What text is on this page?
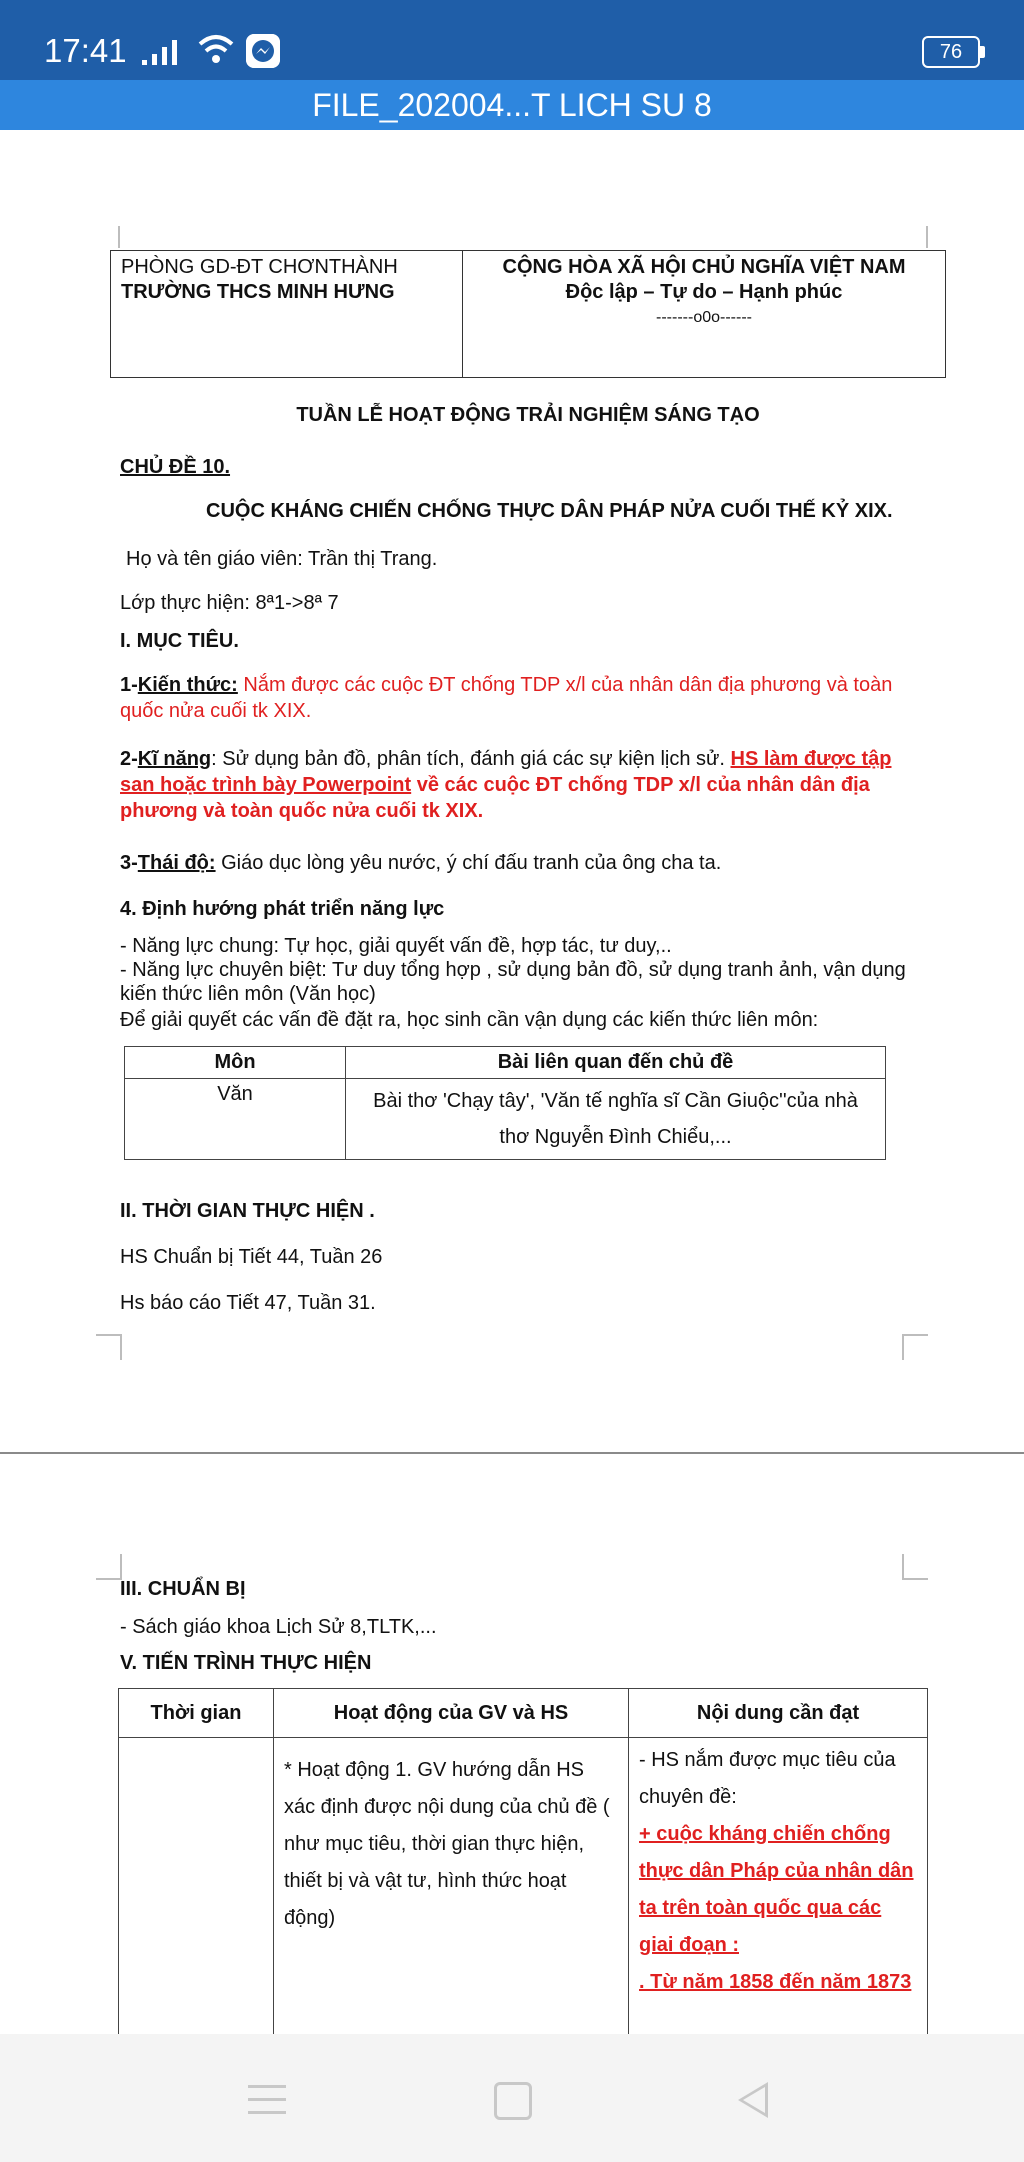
17:41	76
FILE_202004...T LICH SU 8
PHÒNG GD-ĐT CHƠNTHÀNH
TRƯỜNG THCS MINH HƯNG
CỘNG HÒA XÃ HỘI CHỦ NGHĨA VIỆT NAM
Độc lập – Tự do – Hạnh phúc
-------o0o------
TUẦN LỄ HOẠT ĐỘNG TRẢI NGHIỆM SÁNG TẠO
CHỦ ĐỀ 10.
CUỘC KHÁNG CHIẾN CHỐNG THỰC DÂN PHÁP NỬA CUỐI THẾ KỶ XIX.
Họ và tên giáo viên: Trần thị Trang.
Lớp thực hiện: 8ª1->8ª 7
I. MỤC TIÊU.
1-Kiến thức: Nắm được các cuộc ĐT chống TDP x/l của nhân dân địa phương và toàn quốc nửa cuối tk XIX.
2-Kĩ năng: Sử dụng bản đồ, phân tích, đánh giá các sự kiện lịch sử. HS làm được tập san hoặc trình bày Powerpoint về các cuộc ĐT chống TDP x/l của nhân dân địa phương và toàn quốc nửa cuối tk XIX.
3-Thái độ: Giáo dục lòng yêu nước, ý chí đấu tranh của ông cha ta.
4. Định hướng phát triển năng lực
- Năng lực chung: Tự học, giải quyết vấn đề, hợp tác, tư duy,..
- Năng lực chuyên biệt: Tư duy tổng hợp , sử dụng bản đồ, sử dụng tranh ảnh, vận dụng kiến thức liên môn (Văn học)
Để giải quyết các vấn đề đặt ra, học sinh cần vận dụng các kiến thức liên môn:
Môn	Bài liên quan đến chủ đề
Văn	Bài thơ 'Chạy tây', 'Văn tế nghĩa sĩ Cần Giuộc''của nhà thơ Nguyễn Đình Chiểu,...
II. THỜI GIAN THỰC HIỆN .
HS Chuẩn bị Tiết 44, Tuần 26
Hs báo cáo Tiết 47, Tuần 31.
III. CHUẨN BỊ
- Sách giáo khoa Lịch Sử 8,TLTK,...
V. TIẾN TRÌNH THỰC HIỆN
Thời gian	Hoạt động của GV và HS	Nội dung cần đạt
	* Hoạt động 1. GV hướng dẫn HS xác định được nội dung của chủ đề ( như mục tiêu, thời gian thực hiện, thiết bị và vật tư, hình thức hoạt động)	- HS nắm được mục tiêu của chuyên đề:
+ cuộc kháng chiến chống thực dân Pháp của nhân dân ta trên toàn quốc qua các giai đoạn :
. Từ năm 1858 đến năm 1873
